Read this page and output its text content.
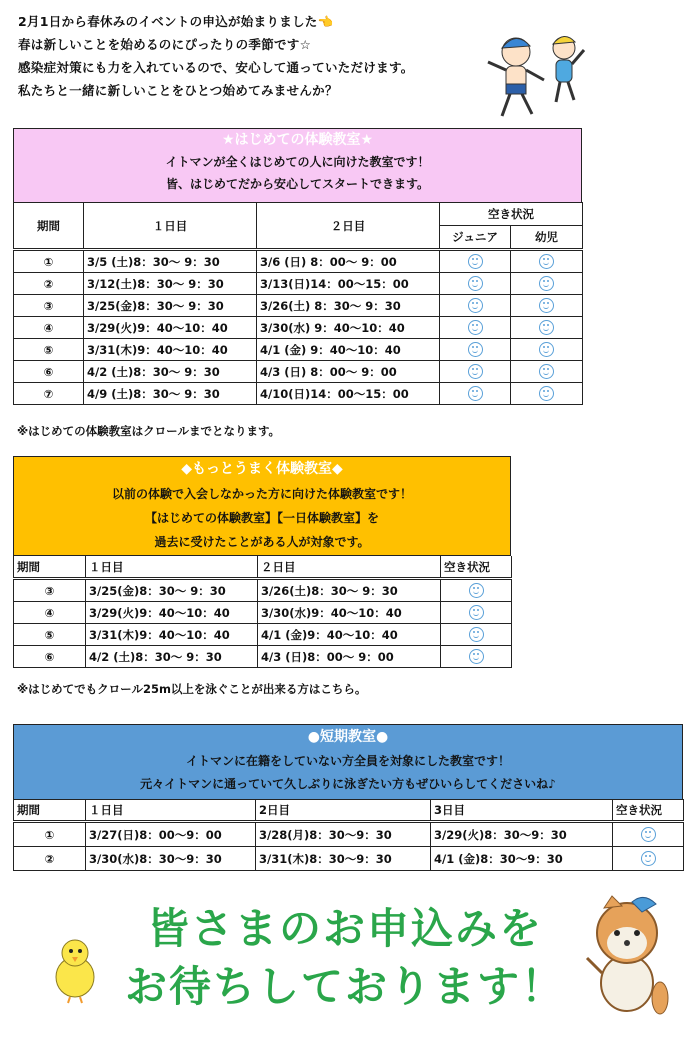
2月1日から春休みのイベントの申込が始まりました👈
春は新しいことを始めるのにぴったりの季節です☆
感染症対策にも力を入れているので、安心して通っていただけます。
私たちと一緒に新しいことをひとつ始めてみませんか？
★はじめての体験教室★
イトマンが全くはじめての人に向けた教室です！
皆、はじめてだから安心してスタートできます。
期間	１日目	２日目	空き状況	
			ジュニア	幼児
①	3/5 (土)8：30～ 9：30	3/6 (日) 8：00～ 9：00		
②	3/12(土)8：30～ 9：30	3/13(日)14：00～15：00		
③	3/25(金)8：30～ 9：30	3/26(土) 8：30～ 9：30		
④	3/29(火)9：40～10：40	3/30(水) 9：40～10：40		
⑤	3/31(木)9：40～10：40	4/1 (金) 9：40～10：40		
⑥	4/2 (土)8：30～ 9：30	4/3 (日) 8：00～ 9：00		
⑦	4/9 (土)8：30～ 9：30	4/10(日)14：00～15：00		
※はじめての体験教室はクロールまでとなります。
◆もっとうまく体験教室◆
以前の体験で入会しなかった方に向けた体験教室です！
【はじめての体験教室】【一日体験教室】を
過去に受けたことがある人が対象です。
期間	１日目	２日目	空き状況
③	3/25(金)8：30～ 9：30	3/26(土)8：30～ 9：30	
④	3/29(火)9：40～10：40	3/30(水)9：40～10：40	
⑤	3/31(木)9：40～10：40	4/1 (金)9：40～10：40	
⑥	4/2 (土)8：30～ 9：30	4/3 (日)8：00～ 9：00	
※はじめてでもクロール25m以上を泳ぐことが出来る方はこちら。
●短期教室●
イトマンに在籍をしていない方全員を対象にした教室です！
元々イトマンに通っていて久しぶりに泳ぎたい方もぜひいらしてくださいね♪
期間	１日目	2日目	3日目	空き状況
①	3/27(日)8：00～9：00	3/28(月)8：30～9：30	3/29(火)8：30～9：30	
②	3/30(水)8：30～9：30	3/31(木)8：30～9：30	4/1 (金)8：30～9：30	
皆さまのお申込みを
お待ちしております！
